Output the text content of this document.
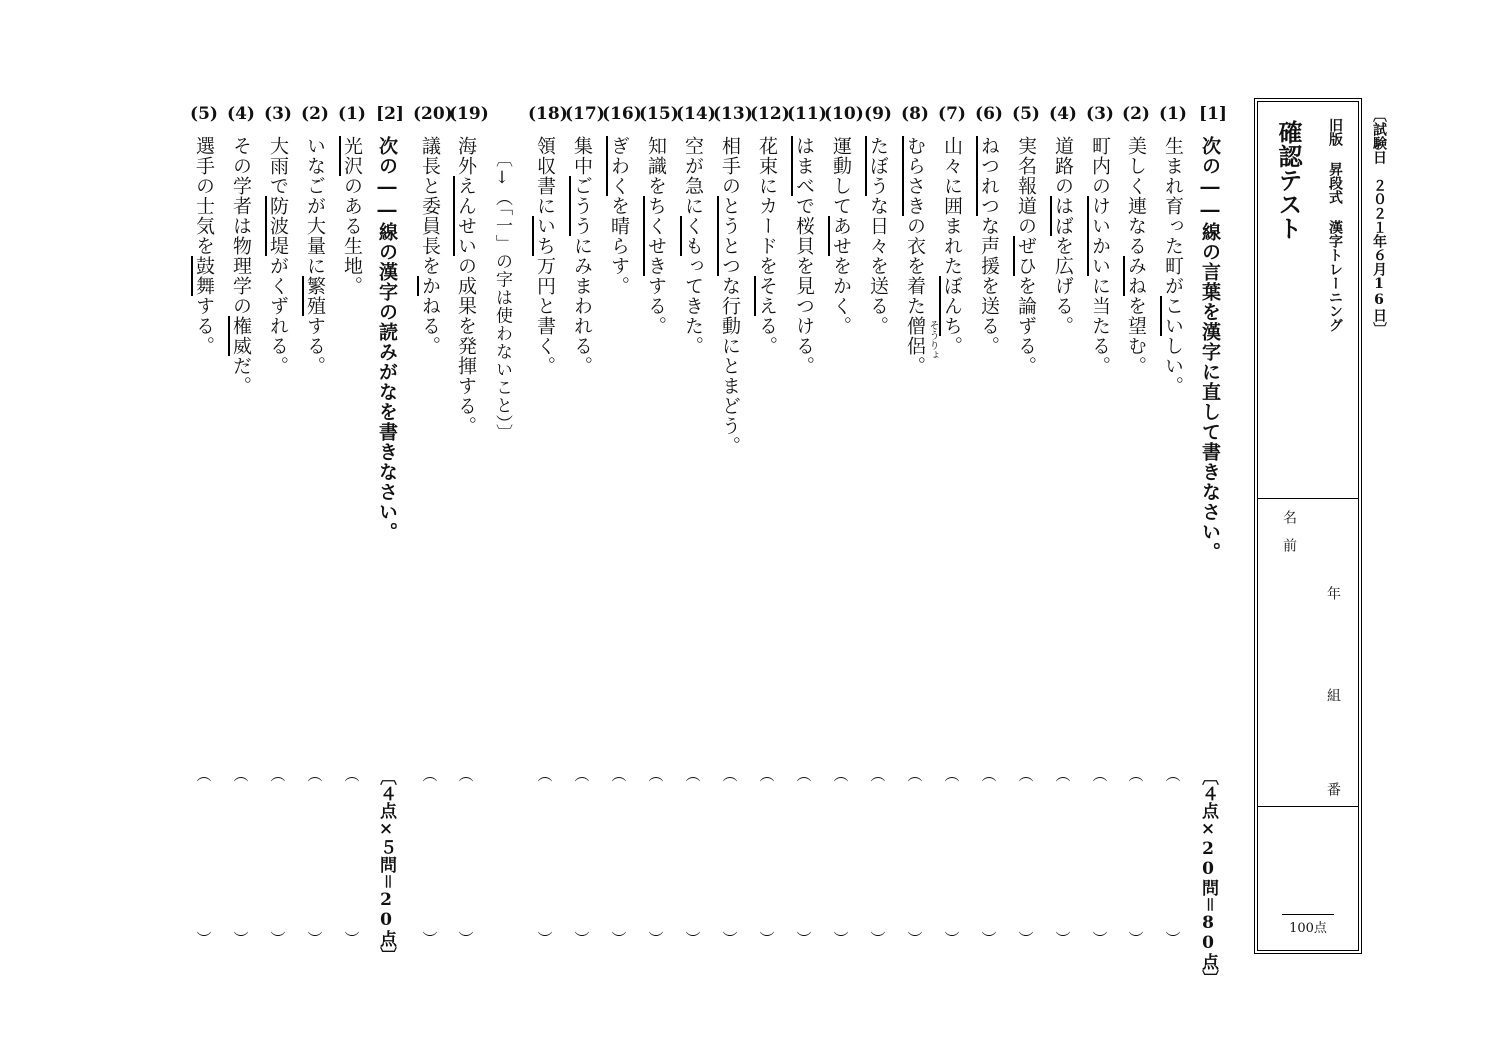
〔試験日　２０２１年６月16日〕
旧版 昇段式 漢字トレーニング
確認テスト
名前
年
組
番
100点
[1]
次の――線の言葉を漢字に直して書きなさい。
〔４点×20問＝80点〕
(1)
生まれ育った町がこいしい。
︵
︶
(2)
美しく連なるみねを望む。
︵
︶
(3)
町内のけいかいに当たる。
︵
︶
(4)
道路のはばを広げる。
︵
︶
(5)
実名報道のぜひを論ずる。
︵
︶
(6)
ねつれつな声援を送る。
︵
︶
(7)
山々に囲まれたぼんち。
︵
︶
(8)
むらさきの衣を着た僧侶。 そうりょ
︵
︶
(9)
たぼうな日々を送る。
︵
︶
(10)
運動してあせをかく。
︵
︶
(11)
はまべで桜貝を見つける。
︵
︶
(12)
花束にカードをそえる。
︵
︶
(13)
相手のとうとつな行動にとまどう。
︵
︶
(14)
空が急にくもってきた。
︵
︶
(15)
知識をちくせきする。
︵
︶
(16)
ぎわくを晴らす。
︵
︶
(17)
集中ごううにみまわれる。
︵
︶
(18)
領収書にいち万円と書く。
︵
︶
(19)
海外えんせいの成果を発揮する。
︵
︶
(20)
議長と委員長をかねる。
︵
︶
〔↓（「一」の字は使わないこと）〕
[2]
次の――線の漢字の読みがなを書きなさい。
〔４点×５問＝20点〕
(1)
光沢のある生地。
︵
︶
(2)
いなごが大量に繁殖する。
︵
︶
(3)
大雨で防波堤がくずれる。
︵
︶
(4)
その学者は物理学の権威だ。
︵
︶
(5)
選手の士気を鼓舞する。
︵
︶
